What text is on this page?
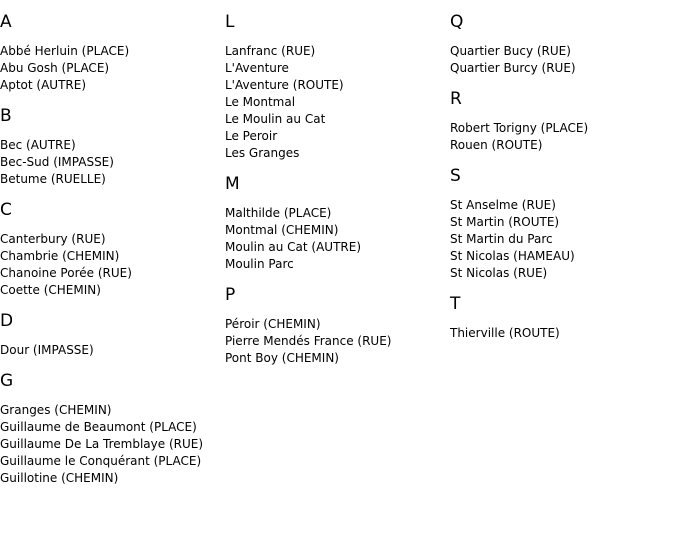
A
Abbé Herluin (PLACE)
Abu Gosh (PLACE)
Aptot (AUTRE)
B
Bec (AUTRE)
Bec-Sud (IMPASSE)
Betume (RUELLE)
C
Canterbury (RUE)
Chambrie (CHEMIN)
Chanoine Porée (RUE)
Coette (CHEMIN)
D
Dour (IMPASSE)
G
Granges (CHEMIN)
Guillaume de Beaumont (PLACE)
Guillaume De La Tremblaye (RUE)
Guillaume le Conquérant (PLACE)
Guillotine (CHEMIN)
L
Lanfranc (RUE)
L'Aventure
L'Aventure (ROUTE)
Le Montmal
Le Moulin au Cat
Le Peroir
Les Granges
M
Malthilde (PLACE)
Montmal (CHEMIN)
Moulin au Cat (AUTRE)
Moulin Parc
P
Péroir (CHEMIN)
Pierre Mendés France (RUE)
Pont Boy (CHEMIN)
Q
Quartier Bucy (RUE)
Quartier Burcy (RUE)
R
Robert Torigny (PLACE)
Rouen (ROUTE)
S
St Anselme (RUE)
St Martin (ROUTE)
St Martin du Parc
St Nicolas (HAMEAU)
St Nicolas (RUE)
T
Thierville (ROUTE)
